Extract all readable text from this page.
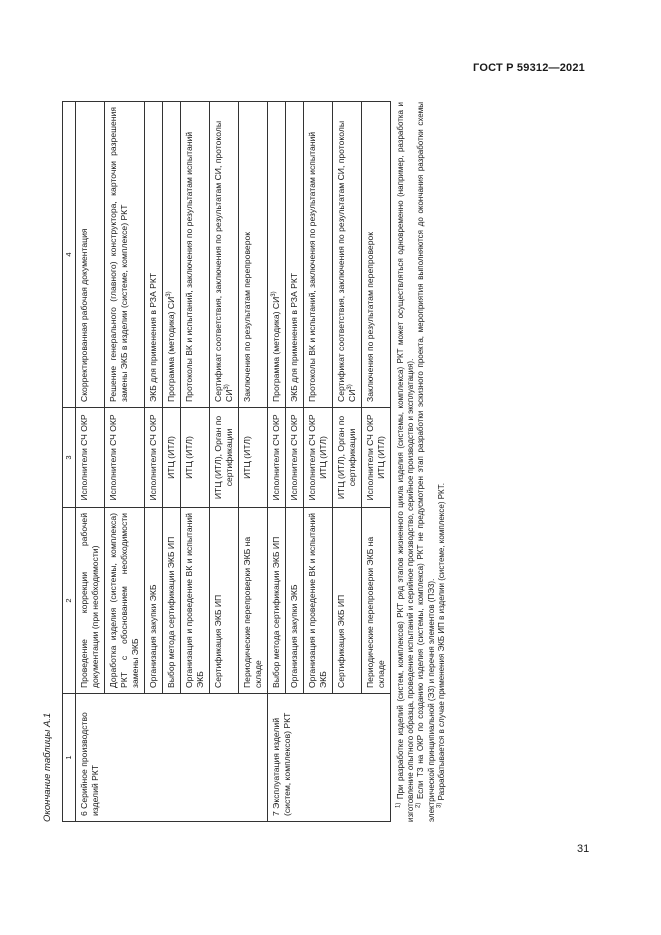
ГОСТ Р 59312—2021
Окончание таблицы А.1	1	2	3	4
6 Серийное производство изделий РКТ	Проведение коррекции рабочей документации (при необходимости)	Исполнители СЧ ОКР	Скорректированная рабочая документация
	Доработка изделия (системы, комплекса) РКТ с обоснованием необходимости замены ЭКБ	Исполнители СЧ ОКР	Решение генерального (главного) конструктора, карточки разрешения замены ЭКБ в изделии (системе, комплексе) РКТ
	Организация закупки ЭКБ	Исполнители СЧ ОКР	ЭКБ для применения в РЗА РКТ
	Выбор метода сертификации ЭКБ ИП	ИТЦ (ИТЛ)	Программа (методика) СИ$^{3)}$
	Организация и проведение ВК и испытаний ЭКБ	ИТЦ (ИТЛ)	Протоколы ВК и испытаний, заключения по результатам испытаний
	Сертификация ЭКБ ИП	ИТЦ (ИТЛ), Орган по сертификации	Сертификат соответствия, заключения по результатам СИ, протоколы СИ$^{3)}$
	Периодические перепроверки ЭКБ на складе	ИТЦ (ИТЛ)	Заключения по результатам перепроверок
7 Эксплуатация изделий (систем, комплексов) РКТ	Выбор метода сертификации ЭКБ ИП	Исполнители СЧ ОКР	Программа (методика) СИ$^{3)}$
	Организация закупки ЭКБ	Исполнители СЧ ОКР	ЭКБ для применения в РЗА РКТ
	Организация и проведение ВК и испытаний ЭКБ	Исполнители СЧ ОКР ИТЦ (ИТЛ)	Протоколы ВК и испытаний, заключения по результатам испытаний
	Сертификация ЭКБ ИП	ИТЦ (ИТЛ), Орган по сертификации	Сертификат соответствия, заключения по результатам СИ, протоколы СИ$^{3)}$
	Периодические перепроверки ЭКБ на складе	Исполнители СЧ ОКР ИТЦ (ИТЛ)	Заключения по результатам перепроверок

$^{1)}$ При разработке изделий (систем, комплексов) РКТ ряд этапов жизненного цикла изделия (системы, комплекса) РКТ может осуществляться одновременно (например, разработка и изготовление опытного образца, проведение испытаний и серийное производство, серийное производство и эксплуатация). $^{2)}$ Если ТЗ на ОКР по созданию изделия (системы, комплекса) РКТ не предусмотрен этап разработки эскизного проекта, мероприятия выполняются до окончания разработки схемы электрической принципиальной (Э3) и перечня элементов (ПЭ3). $^{3)}$ Разрабатывается в случае применения ЭКБ ИП в изделии (системе, комплексе) РКТ.

31
